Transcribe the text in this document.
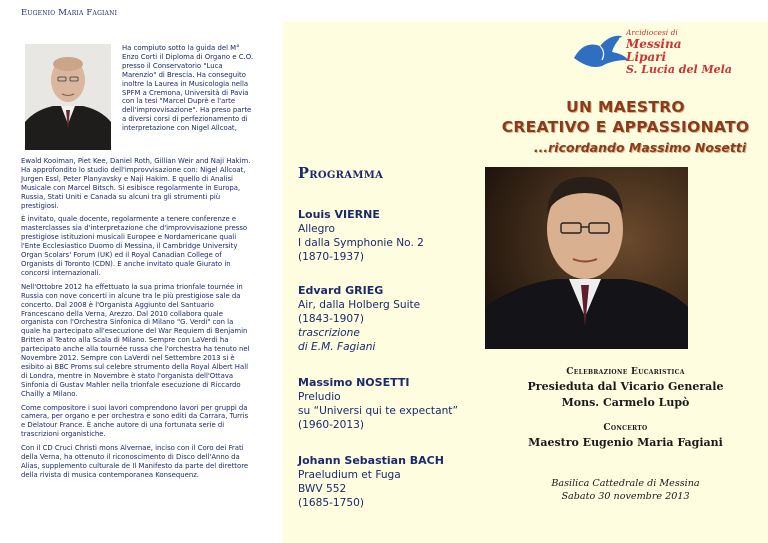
Eugenio Maria Fagiani

Ha compiuto sotto la guida del M° Enzo Corti il Diploma di Organo e C.O. presso il Conservatorio "Luca Marenzio" di Brescia. Ha conseguito inoltre la Laurea in Musicologia nella SPFM a Cremona, Università di Pavia con la tesi "Marcel Duprè e l'arte dell'improvvisazione". Ha preso parte a diversi corsi di perfezionamento di interpretazione con Nigel Allcoat,

Ewald Kooiman, Piet Kee, Daniel Roth, Gillian Weir and Naji Hakim. Ha approfondito lo studio dell'improvvisazione con: Nigel Allcoat, Jurgen Essl, Peter Planyavsky e Naji Hakim. E quello di Analisi Musicale con Marcel Bitsch. Si esibisce regolarmente in Europa, Russia, Stati Uniti e Canada su alcuni tra gli strumenti più prestigiosi.

È invitato, quale docente, regolarmente a tenere conferenze e masterclasses sia d'interpretazione che d'improvvisazione presso prestigiose istituzioni musicali Europee e Nordamericane quali l'Ente Ecclesiastico Duomo di Messina, il Cambridge University Organ Scolars' Forum (UK) ed il Royal Canadian College of Organists di Toronto (CDN). E anche invitato quale Giurato in concorsi internazionali.

Nell'Ottobre 2012 ha effettuato la sua prima trionfale tournée in Russia con nove concerti in alcune tra le più prestigiose sale da concerto. Dal 2008 è l'Organista Aggiunto del Santuario Francescano della Verna, Arezzo. Dal 2010 collabora quale organista con l'Orchestra Sinfonica di Milano "G. Verdi" con la quale ha partecipato all'esecuzione del War Requiem di Benjamin Britten al Teatro alla Scala di Milano. Sempre con LaVerdi ha partecipato anche alla tournée russa che l'orchestra ha tenuto nel Novembre 2012. Sempre con LaVerdi nel Settembre 2013 si è esibito ai BBC Proms sul celebre strumento della Royal Albert Hall di Londra, mentre in Novembre è stato l'organista dell'Ottava Sinfonia di Gustav Mahler nella trionfale esecuzione di Riccardo Chailly a Milano.

Come compositore i suoi lavori comprendono lavori per gruppi da camera, per organo e per orchestra e sono editi da Carrara, Turris e Delatour France. È anche autore di una fortunata serie di trascrizioni organistiche.

Con il CD Cruci Christi mons Alvernae, inciso con il Coro dei Frati della Verna, ha ottenuto il riconoscimento di Disco dell'Anno da Alias, supplemento culturale de Il Manifesto da parte del direttore della rivista di musica contemporanea Konsequenz.

Programma
Louis VIERNE
Allegro
I dalla Symphonie No. 2
(1870-1937)
Edvard GRIEG
Air, dalla Holberg Suite
(1843-1907)
trascrizione
di E.M. Fagiani
Massimo NOSETTI
Preludio
su “Universi qui te expectant”
(1960-2013)
Johann Sebastian BACH
Praeludium et Fuga
BWV 552
(1685-1750)
Arcidiocesi di
Messina
Lipari
S. Lucia del Mela
UN MAESTRO
CREATIVO E APPASSIONATO
...ricordando Massimo Nosetti
Celebrazione Eucaristica
Presieduta dal Vicario Generale
Mons. Carmelo Lupò
Concerto
Maestro Eugenio Maria Fagiani
Basilica Cattedrale di Messina
Sabato 30 novembre 2013
